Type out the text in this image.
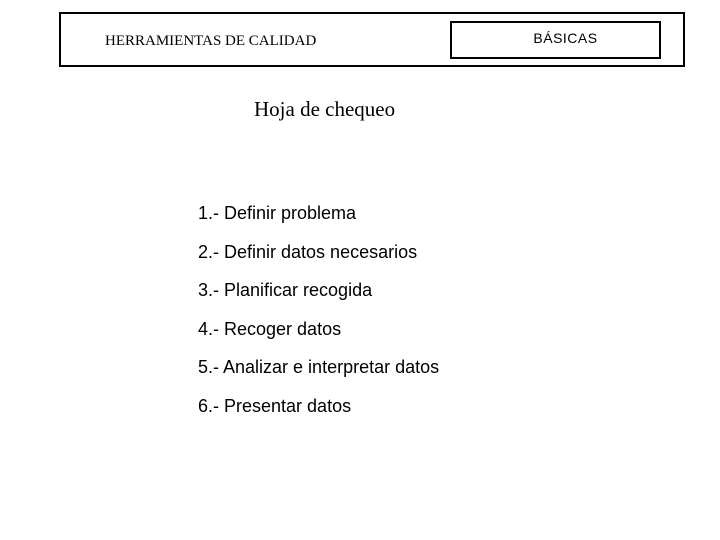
HERRAMIENTAS DE CALIDAD	BÁSICAS
Hoja de chequeo
1.- Definir problema
2.- Definir datos necesarios
3.- Planificar recogida
4.- Recoger datos
5.- Analizar e interpretar datos
6.- Presentar datos
